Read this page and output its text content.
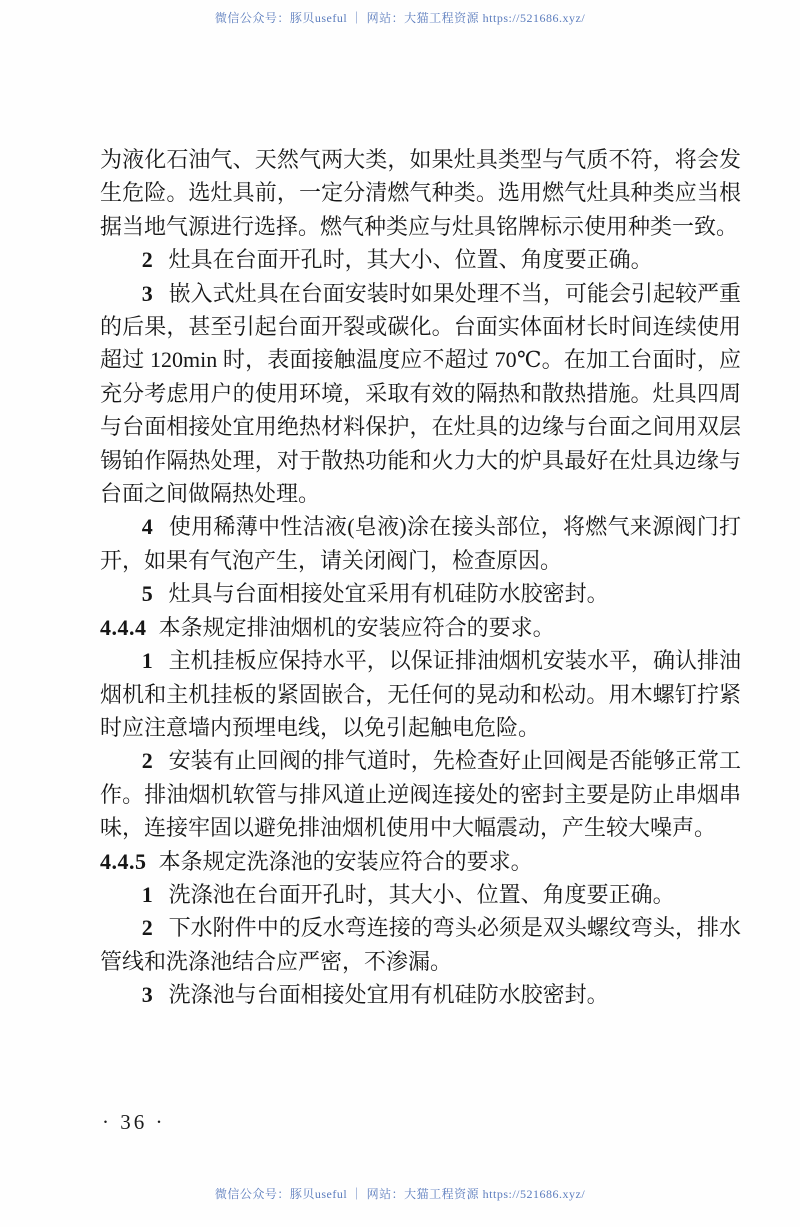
微信公众号：豚贝useful ｜ 网站：大猫工程资源 https://521686.xyz/

为液化石油气、天然气两大类，如果灶具类型与气质不符，将会发生危险。选灶具前，一定分清燃气种类。选用燃气灶具种类应当根据当地气源进行选择。燃气种类应与灶具铭牌标示使用种类一致。

2 灶具在台面开孔时，其大小、位置、角度要正确。

3 嵌入式灶具在台面安装时如果处理不当，可能会引起较严重的后果，甚至引起台面开裂或碳化。台面实体面材长时间连续使用超过 120min 时，表面接触温度应不超过 70℃。在加工台面时，应充分考虑用户的使用环境，采取有效的隔热和散热措施。灶具四周与台面相接处宜用绝热材料保护，在灶具的边缘与台面之间用双层锡铂作隔热处理，对于散热功能和火力大的炉具最好在灶具边缘与台面之间做隔热处理。

4 使用稀薄中性洁液(皂液)涂在接头部位，将燃气来源阀门打开，如果有气泡产生，请关闭阀门，检查原因。

5 灶具与台面相接处宜采用有机硅防水胶密封。

4.4.4 本条规定排油烟机的安装应符合的要求。

1 主机挂板应保持水平，以保证排油烟机安装水平，确认排油烟机和主机挂板的紧固嵌合，无任何的晃动和松动。用木螺钉拧紧时应注意墙内预埋电线，以免引起触电危险。

2 安装有止回阀的排气道时，先检查好止回阀是否能够正常工作。排油烟机软管与排风道止逆阀连接处的密封主要是防止串烟串味，连接牢固以避免排油烟机使用中大幅震动，产生较大噪声。

4.4.5 本条规定洗涤池的安装应符合的要求。

1 洗涤池在台面开孔时，其大小、位置、角度要正确。

2 下水附件中的反水弯连接的弯头必须是双头螺纹弯头，排水管线和洗涤池结合应严密，不渗漏。

3 洗涤池与台面相接处宜用有机硅防水胶密封。

· 36 ·
微信公众号：豚贝useful ｜ 网站：大猫工程资源 https://521686.xyz/
